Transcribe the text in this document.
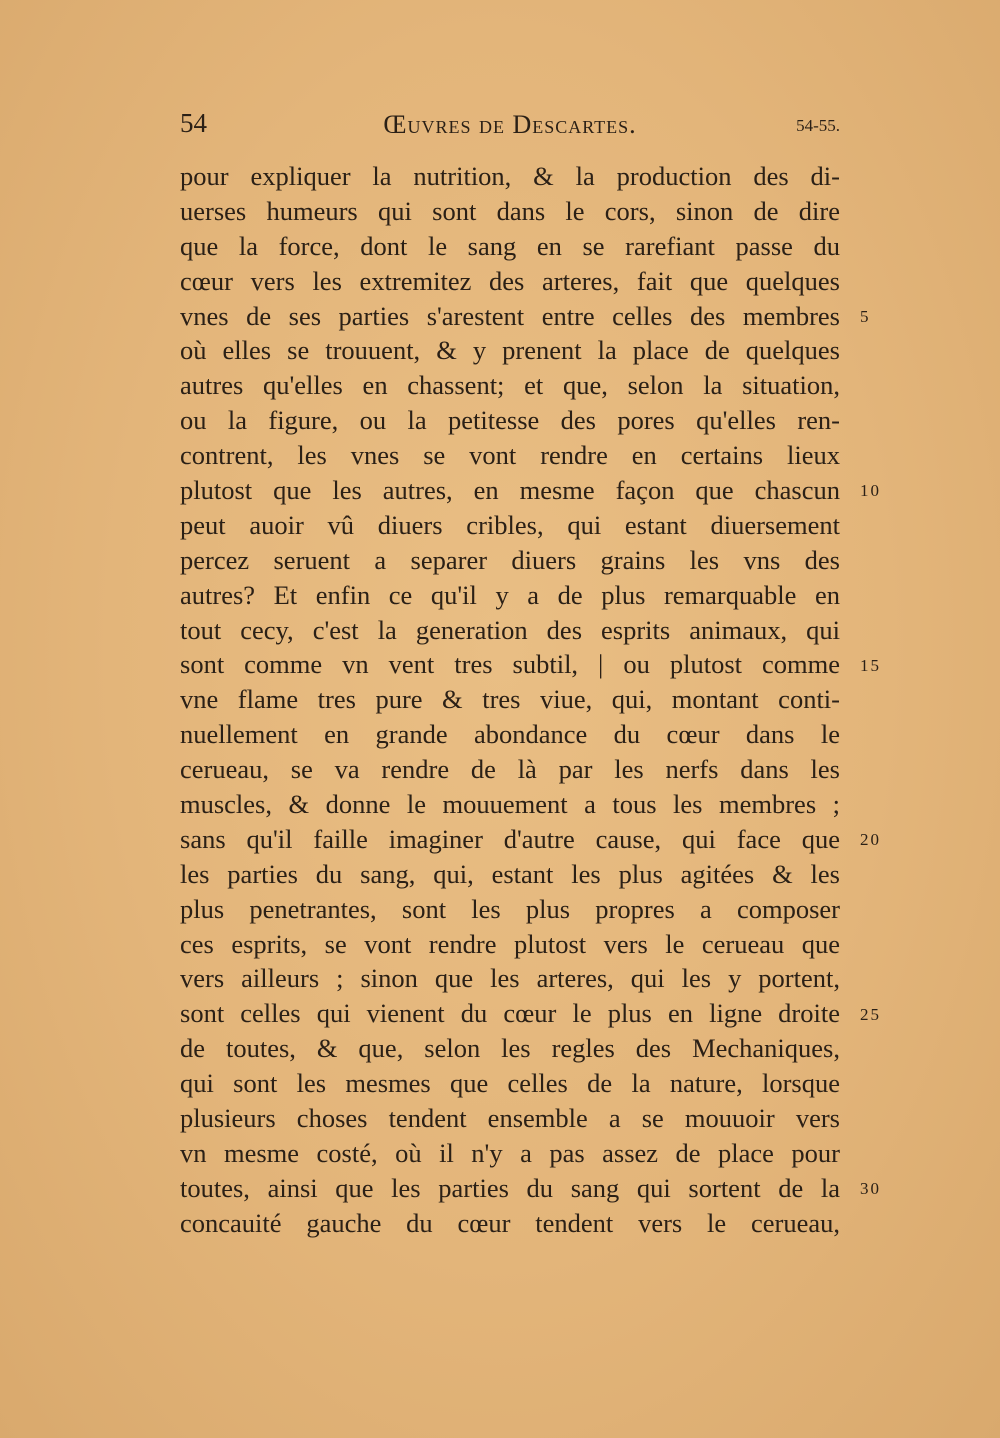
54	Œuvres de Descartes.	54-55.
pour expliquer la nutrition, & la production des di-
uerses humeurs qui sont dans le cors, sinon de dire
que la force, dont le sang en se rarefiant passe du
cœur vers les extremitez des arteres, fait que quelques
vnes de ses parties s'arestent entre celles des membres
où elles se trouuent, & y prenent la place de quelques
autres qu'elles en chassent; et que, selon la situation,
ou la figure, ou la petitesse des pores qu'elles ren-
contrent, les vnes se vont rendre en certains lieux
plutost que les autres, en mesme façon que chascun
peut auoir vû diuers cribles, qui estant diuersement
percez seruent a separer diuers grains les vns des
autres? Et enfin ce qu'il y a de plus remarquable en
tout cecy, c'est la generation des esprits animaux, qui
sont comme vn vent tres subtil, | ou plutost comme
vne flame tres pure & tres viue, qui, montant conti-
nuellement en grande abondance du cœur dans le
cerueau, se va rendre de là par les nerfs dans les
muscles, & donne le mouuement a tous les membres ;
sans qu'il faille imaginer d'autre cause, qui face que
les parties du sang, qui, estant les plus agitées & les
plus penetrantes, sont les plus propres a composer
ces esprits, se vont rendre plutost vers le cerueau que
vers ailleurs ; sinon que les arteres, qui les y portent,
sont celles qui vienent du cœur le plus en ligne droite
de toutes, & que, selon les regles des Mechaniques,
qui sont les mesmes que celles de la nature, lorsque
plusieurs choses tendent ensemble a se mouuoir vers
vn mesme costé, où il n'y a pas assez de place pour
toutes, ainsi que les parties du sang qui sortent de la
concauité gauche du cœur tendent vers le cerueau,
5
10
15
20
25
30
